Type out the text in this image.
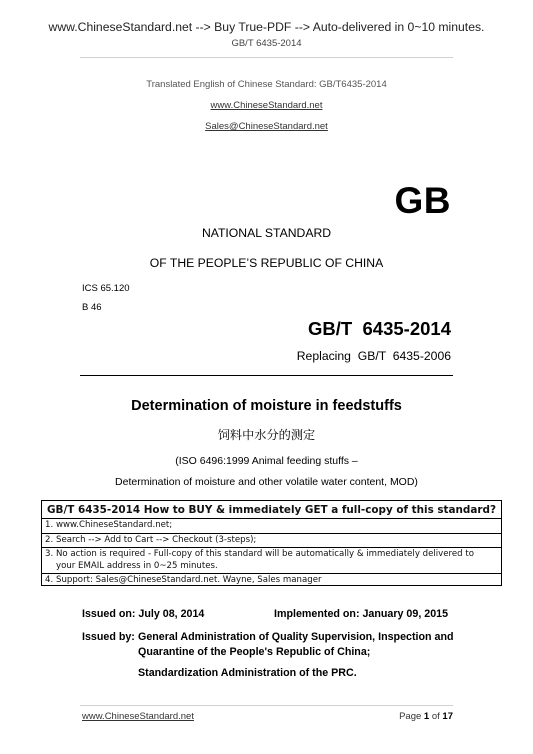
www.ChineseStandard.net --> Buy True-PDF --> Auto-delivered in 0~10 minutes.
GB/T 6435-2014
Translated English of Chinese Standard: GB/T6435-2014
www.ChineseStandard.net
Sales@ChineseStandard.net
GB
NATIONAL STANDARD
OF THE PEOPLE’S REPUBLIC OF CHINA
ICS 65.120
B 46
GB/T  6435-2014
Replacing  GB/T  6435-2006
Determination of moisture in feedstuffs
饲料中水分的测定
(ISO 6496:1999 Animal feeding stuffs –
Determination of moisture and other volatile water content, MOD)
GB/T 6435-2014 How to BUY & immediately GET a full-copy of this standard?
1. www.ChineseStandard.net;
2. Search --> Add to Cart --> Checkout (3-steps);
3. No action is required - Full-copy of this standard will be automatically & immediately delivered to
your EMAIL address in 0~25 minutes.
4. Support: Sales@ChineseStandard.net. Wayne, Sales manager
Issued on: July 08, 2014	Implemented on: January 09, 2015
Issued by: General Administration of Quality Supervision, Inspection and
Quarantine of the People's Republic of China;
Standardization Administration of the PRC.
www.ChineseStandard.net	Page 1 of 17
